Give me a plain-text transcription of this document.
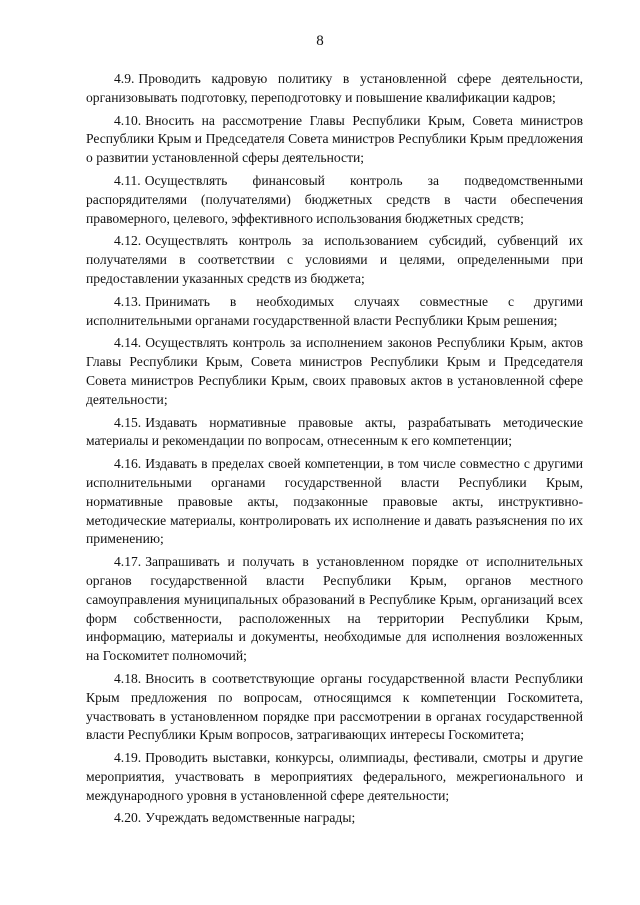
8

4.9. Проводить кадровую политику в установленной сфере деятельности, организовывать подготовку, переподготовку и повышение квалификации кадров;

4.10. Вносить на рассмотрение Главы Республики Крым, Совета министров Республики Крым и Председателя Совета министров Республики Крым предложения о развитии установленной сферы деятельности;

4.11. Осуществлять финансовый контроль за подведомственными распорядителями (получателями) бюджетных средств в части обеспечения правомерного, целевого, эффективного использования бюджетных средств;

4.12. Осуществлять контроль за использованием субсидий, субвенций их получателями в соответствии с условиями и целями, определенными при предоставлении указанных средств из бюджета;

4.13. Принимать в необходимых случаях совместные с другими исполнительными органами государственной власти Республики Крым решения;

4.14. Осуществлять контроль за исполнением законов Республики Крым, актов Главы Республики Крым, Совета министров Республики Крым и Председателя Совета министров Республики Крым, своих правовых актов в установленной сфере деятельности;

4.15. Издавать нормативные правовые акты, разрабатывать методические материалы и рекомендации по вопросам, отнесенным к его компетенции;

4.16. Издавать в пределах своей компетенции, в том числе совместно с другими исполнительными органами государственной власти Республики Крым, нормативные правовые акты, подзаконные правовые акты, инструктивно-методические материалы, контролировать их исполнение и давать разъяснения по их применению;

4.17. Запрашивать и получать в установленном порядке от исполнительных органов государственной власти Республики Крым, органов местного самоуправления муниципальных образований в Республике Крым, организаций всех форм собственности, расположенных на территории Республики Крым, информацию, материалы и документы, необходимые для исполнения возложенных на Госкомитет полномочий;

4.18. Вносить в соответствующие органы государственной власти Республики Крым предложения по вопросам, относящимся к компетенции Госкомитета, участвовать в установленном порядке при рассмотрении в органах государственной власти Республики Крым вопросов, затрагивающих интересы Госкомитета;

4.19. Проводить выставки, конкурсы, олимпиады, фестивали, смотры и другие мероприятия, участвовать в мероприятиях федерального, межрегионального и международного уровня в установленной сфере деятельности;

4.20. Учреждать ведомственные награды;
